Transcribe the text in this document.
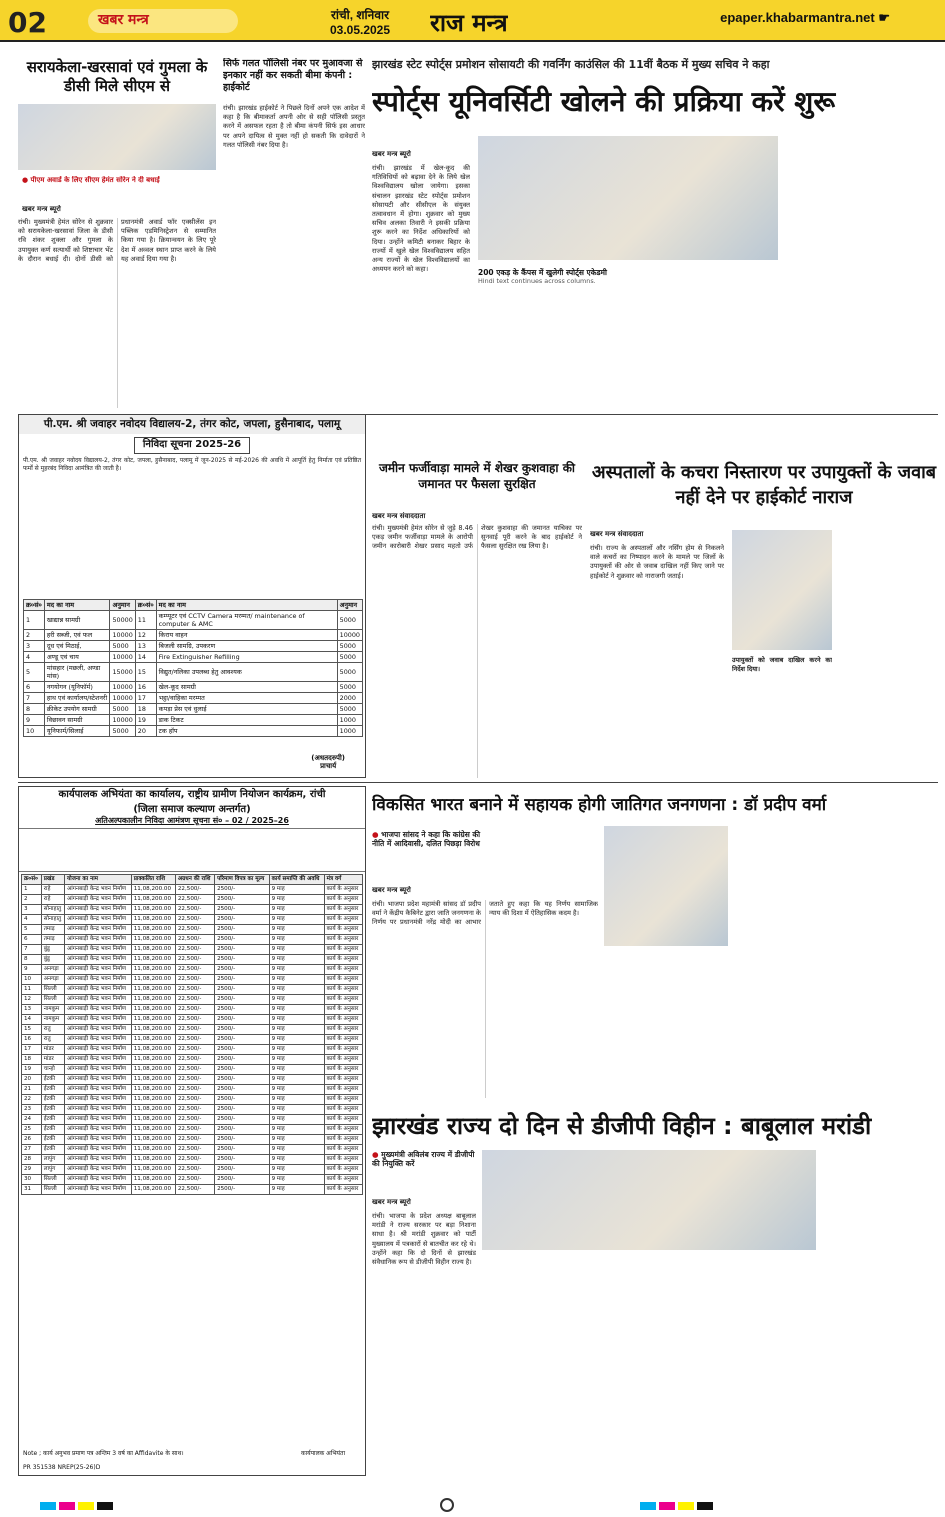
02	खबर मन्त्र	रांची, शनिवार
03.05.2025	राज मन्त्र	epaper.khabarmantra.net ☛
सरायकेला-खरसावां एवं गुमला के डीसी मिले सीएम से
● पीएम अवार्ड के लिए सीएम हेमंत सोरेन ने दी बधाई
खबर मन्त्र ब्यूरो
रांची। मुख्यमंत्री हेमंत सोरेन से शुक्रवार को सरायकेला-खरसावां जिला के डीसी रवि शंकर शुक्ला और गुमला के उपायुक्त कर्ण सत्यार्थी को शिष्टाचार भेंट के दौरान बधाई दी। दोनों डीसी को प्रधानमंत्री अवार्ड फॉर एक्सीलेंस इन पब्लिक एडमिनिस्ट्रेशन से सम्मानित किया गया है। क्रियान्वयन के लिए पूरे देश में अव्वल स्थान प्राप्त करने के लिये यह अवार्ड दिया गया है।
सिर्फ गलत पॉलिसी नंबर पर मुआवजा से इनकार नहीं कर सकती बीमा कंपनी : हाईकोर्ट
रांची। झारखंड हाईकोर्ट ने पिछले दिनों अपने एक आदेश में कहा है कि बीमाकर्ता अपनी ओर से सही पॉलिसी प्रस्तुत करने में असफल रहता है तो बीमा कंपनी सिर्फ इस आधार पर अपने दायित्व से मुक्त नहीं हो सकती कि दावेदारों ने गलत पॉलिसी नंबर दिया है।
झारखंड स्टेट स्पोर्ट्स प्रमोशन सोसायटी की गवर्निंग काउंसिल की 11वीं बैठक में मुख्य सचिव ने कहा
स्पोर्ट्स यूनिवर्सिटी खोलने की प्रक्रिया करें शुरू
खबर मन्त्र ब्यूरो
रांची। झारखंड में खेल-कूद की गतिविधियों को बढ़ावा देने के लिये खेल विश्वविद्यालय खोला जायेगा। इसका संचालन झारखंड स्टेट स्पोर्ट्स प्रमोशन सोसायटी और सीसीएल के संयुक्त तत्वावधान में होगा। शुक्रवार को मुख्य सचिव अलका तिवारी ने इसकी प्रक्रिया शुरू करने का निर्देश अधिकारियों को दिया। उन्होंने कमिटी बनाकर बिहार के राज्यों में खुले खेल विश्वविद्यालय सहित अन्य राज्यों के खेल विश्वविद्यालयों का अध्ययन करने को कहा।	200 एकड़ के कैंपस में खुलेगी स्पोर्ट्स एकेडमी
Hindi text continues across columns.
पी.एम. श्री जवाहर नवोदय विद्यालय-2, तंगर कोट, जपला, हुसैनाबाद, पलामू
निविदा सूचना 2025-26
पी.एम. श्री जवाहर नवोदय विद्यालय-2, तंगर कोट, जपला, हुसैनाबाद, पलामू में जून-2025 से मई-2026 की अवधि में आपूर्ति हेतु निर्माता एवं प्रतिष्ठित फर्मों से मुहरबंद निविदा आमंत्रित की जाती है।
क्र०सं०	मद का नाम	अनुमान	क्र०सं०	मद का नाम	अनुमान
1	खाद्यान्न सामग्री	50000	11	कम्प्यूटर एवं CCTV Camera मरम्मत/ maintenance of computer & AMC	5000
2	हरी सब्जी, एवं फल	10000	12	किराय वाहन	10000
3	दूध एवं मिठाई,	5000	13	बिजली सामग्रि, उपकरण	5000
4	अण्डू एवं चाय	10000	14	Fire Extinguisher Refilling	5000
5	मांसहार (मछली, अण्डा मांस)	15000	15	विद्युत/नलिका उपलब्ध हेतु आवश्यक	5000
6	नगयोगन (यूनिफॉर्म)	10000	16	खेल-कूद सामग्री	5000
7	हाथ एवं कार्यालय/स्टेशनरी	10000	17	भट्ठा/वाहिका मरम्मत	2000
8	क्रीकेट उपयोग सामग्री	5000	18	कपड़ा प्रेस एवं धुलाई	5000
9	विछावन सामग्री	10000	19	डाक टिकट	1000
10	यूनिफार्म/सिलाई	5000	20	टक हॉप	1000
(अधतदरुपी)
प्राचार्य
जमीन फर्जीवाड़ा मामले में शेखर कुशवाहा की जमानत पर फैसला सुरक्षित
खबर मन्त्र संवाददाता
रांची। मुख्यमंत्री हेमंत सोरेन से जुड़े 8.46 एकड़ जमीन फर्जीवाड़ा मामले के आरोपी जमीन कारोबारी शेखर प्रसाद महतो उर्फ शेखर कुशवाहा की जमानत याचिका पर सुनवाई पूरी करने के बाद हाईकोर्ट ने फैसला सुरक्षित रख लिया है।
अस्पतालों के कचरा निस्तारण पर उपायुक्तों के जवाब नहीं देने पर हाईकोर्ट नाराज
खबर मन्त्र संवाददाता
रांची। राज्य के अस्पतालों और नर्सिंग होम से निकलने वाले कचरों का निष्पादन करने के मामले पर जिलों के उपायुक्तों की ओर से जवाब दाखिल नहीं किए जाने पर हाईकोर्ट ने शुक्रवार को नाराजगी जताई।
उपायुक्तों को जवाब दाखिल करने का निर्देश दिया।
कार्यपालक अभियंता का कार्यालय, राष्ट्रीय ग्रामीण नियोजन कार्यक्रम, रांची
(जिला समाज कल्याण अन्तर्गत)
अतिअल्पकालीन निविदा आमंत्रण सूचना सं० – 02 / 2025–26
क्र०सं०	प्रखंड	योजना का नाम	प्राक्कलित राशि	अग्रधन की राशि	परिमाण विपत्र का मूल्य	कार्य समाप्ति की अवधि	मंत्र वर्ग
1	राहे	आंगनबाड़ी केन्द्र भवन निर्माण	11,08,200.00	22,500/-	2500/-	9 माह	कार्य के अनुसार
2	राहे	आंगनबाड़ी केन्द्र भवन निर्माण	11,08,200.00	22,500/-	2500/-	9 माह	कार्य के अनुसार
3	सोनाहातु	आंगनबाड़ी केन्द्र भवन निर्माण	11,08,200.00	22,500/-	2500/-	9 माह	कार्य के अनुसार
4	सोनाहातु	आंगनबाड़ी केन्द्र भवन निर्माण	11,08,200.00	22,500/-	2500/-	9 माह	कार्य के अनुसार
5	तमाड़	आंगनबाड़ी केन्द्र भवन निर्माण	11,08,200.00	22,500/-	2500/-	9 माह	कार्य के अनुसार
6	तमाड़	आंगनबाड़ी केन्द्र भवन निर्माण	11,08,200.00	22,500/-	2500/-	9 माह	कार्य के अनुसार
7	बुंडू	आंगनबाड़ी केन्द्र भवन निर्माण	11,08,200.00	22,500/-	2500/-	9 माह	कार्य के अनुसार
8	बुंडू	आंगनबाड़ी केन्द्र भवन निर्माण	11,08,200.00	22,500/-	2500/-	9 माह	कार्य के अनुसार
9	अनगड़ा	आंगनबाड़ी केन्द्र भवन निर्माण	11,08,200.00	22,500/-	2500/-	9 माह	कार्य के अनुसार
10	अनगड़ा	आंगनबाड़ी केन्द्र भवन निर्माण	11,08,200.00	22,500/-	2500/-	9 माह	कार्य के अनुसार
11	सिल्ली	आंगनबाड़ी केन्द्र भवन निर्माण	11,08,200.00	22,500/-	2500/-	9 माह	कार्य के अनुसार
12	सिल्ली	आंगनबाड़ी केन्द्र भवन निर्माण	11,08,200.00	22,500/-	2500/-	9 माह	कार्य के अनुसार
13	नामकुम	आंगनबाड़ी केन्द्र भवन निर्माण	11,08,200.00	22,500/-	2500/-	9 माह	कार्य के अनुसार
14	नामकुम	आंगनबाड़ी केन्द्र भवन निर्माण	11,08,200.00	22,500/-	2500/-	9 माह	कार्य के अनुसार
15	रातु	आंगनबाड़ी केन्द्र भवन निर्माण	11,08,200.00	22,500/-	2500/-	9 माह	कार्य के अनुसार
16	रातु	आंगनबाड़ी केन्द्र भवन निर्माण	11,08,200.00	22,500/-	2500/-	9 माह	कार्य के अनुसार
17	मांडर	आंगनबाड़ी केन्द्र भवन निर्माण	11,08,200.00	22,500/-	2500/-	9 माह	कार्य के अनुसार
18	मांडर	आंगनबाड़ी केन्द्र भवन निर्माण	11,08,200.00	22,500/-	2500/-	9 माह	कार्य के अनुसार
19	चान्हो	आंगनबाड़ी केन्द्र भवन निर्माण	11,08,200.00	22,500/-	2500/-	9 माह	कार्य के अनुसार
20	ईटकी	आंगनबाड़ी केन्द्र भवन निर्माण	11,08,200.00	22,500/-	2500/-	9 माह	कार्य के अनुसार
21	ईटकी	आंगनबाड़ी केन्द्र भवन निर्माण	11,08,200.00	22,500/-	2500/-	9 माह	कार्य के अनुसार
22	ईटकी	आंगनबाड़ी केन्द्र भवन निर्माण	11,08,200.00	22,500/-	2500/-	9 माह	कार्य के अनुसार
23	ईटकी	आंगनबाड़ी केन्द्र भवन निर्माण	11,08,200.00	22,500/-	2500/-	9 माह	कार्य के अनुसार
24	ईटकी	आंगनबाड़ी केन्द्र भवन निर्माण	11,08,200.00	22,500/-	2500/-	9 माह	कार्य के अनुसार
25	ईटकी	आंगनबाड़ी केन्द्र भवन निर्माण	11,08,200.00	22,500/-	2500/-	9 माह	कार्य के अनुसार
26	ईटकी	आंगनबाड़ी केन्द्र भवन निर्माण	11,08,200.00	22,500/-	2500/-	9 माह	कार्य के अनुसार
27	ईटकी	आंगनबाड़ी केन्द्र भवन निर्माण	11,08,200.00	22,500/-	2500/-	9 माह	कार्य के अनुसार
28	लापुंग	आंगनबाड़ी केन्द्र भवन निर्माण	11,08,200.00	22,500/-	2500/-	9 माह	कार्य के अनुसार
29	लापुंग	आंगनबाड़ी केन्द्र भवन निर्माण	11,08,200.00	22,500/-	2500/-	9 माह	कार्य के अनुसार
30	सिल्ली	आंगनबाड़ी केन्द्र भवन निर्माण	11,08,200.00	22,500/-	2500/-	9 माह	कार्य के अनुसार
31	सिल्ली	आंगनबाड़ी केन्द्र भवन निर्माण	11,08,200.00	22,500/-	2500/-	9 माह	कार्य के अनुसार
Note ; कार्य अनुभव प्रमाण पत्र अन्तिम 3 वर्ष का Affidavite के साथ।	कार्यपालक अभियंता
PR 351538 NREP(25-26)D
विकसित भारत बनाने में सहायक होगी जातिगत जनगणना : डॉ प्रदीप वर्मा
● भाजपा सांसद ने कहा कि कांग्रेस की नीति में आदिवासी, दलित पिछड़ा विरोध
खबर मन्त्र ब्यूरो
रांची। भाजपा प्रदेश महामंत्री सांसद डॉ प्रदीप वर्मा ने केंद्रीय कैबिनेट द्वारा जाति जनगणना के निर्णय पर प्रधानमंत्री नरेंद्र मोदी का आभार जताते हुए कहा कि यह निर्णय सामाजिक न्याय की दिशा में ऐतिहासिक कदम है।
झारखंड राज्य दो दिन से डीजीपी विहीन : बाबूलाल मरांडी
● मुख्यमंत्री अविलंब राज्य में डीजीपी की नियुक्ति करें
खबर मन्त्र ब्यूरो
रांची। भाजपा के प्रदेश अध्यक्ष बाबूलाल मरांडी ने राज्य सरकार पर बड़ा निशाना साधा है। श्री मरांडी शुक्रवार को पार्टी मुख्यालय में पत्रकारों से बातचीत कर रहे थे। उन्होंने कहा कि दो दिनों से झारखंड संवैधानिक रूप से डीजीपी विहीन राज्य है।
